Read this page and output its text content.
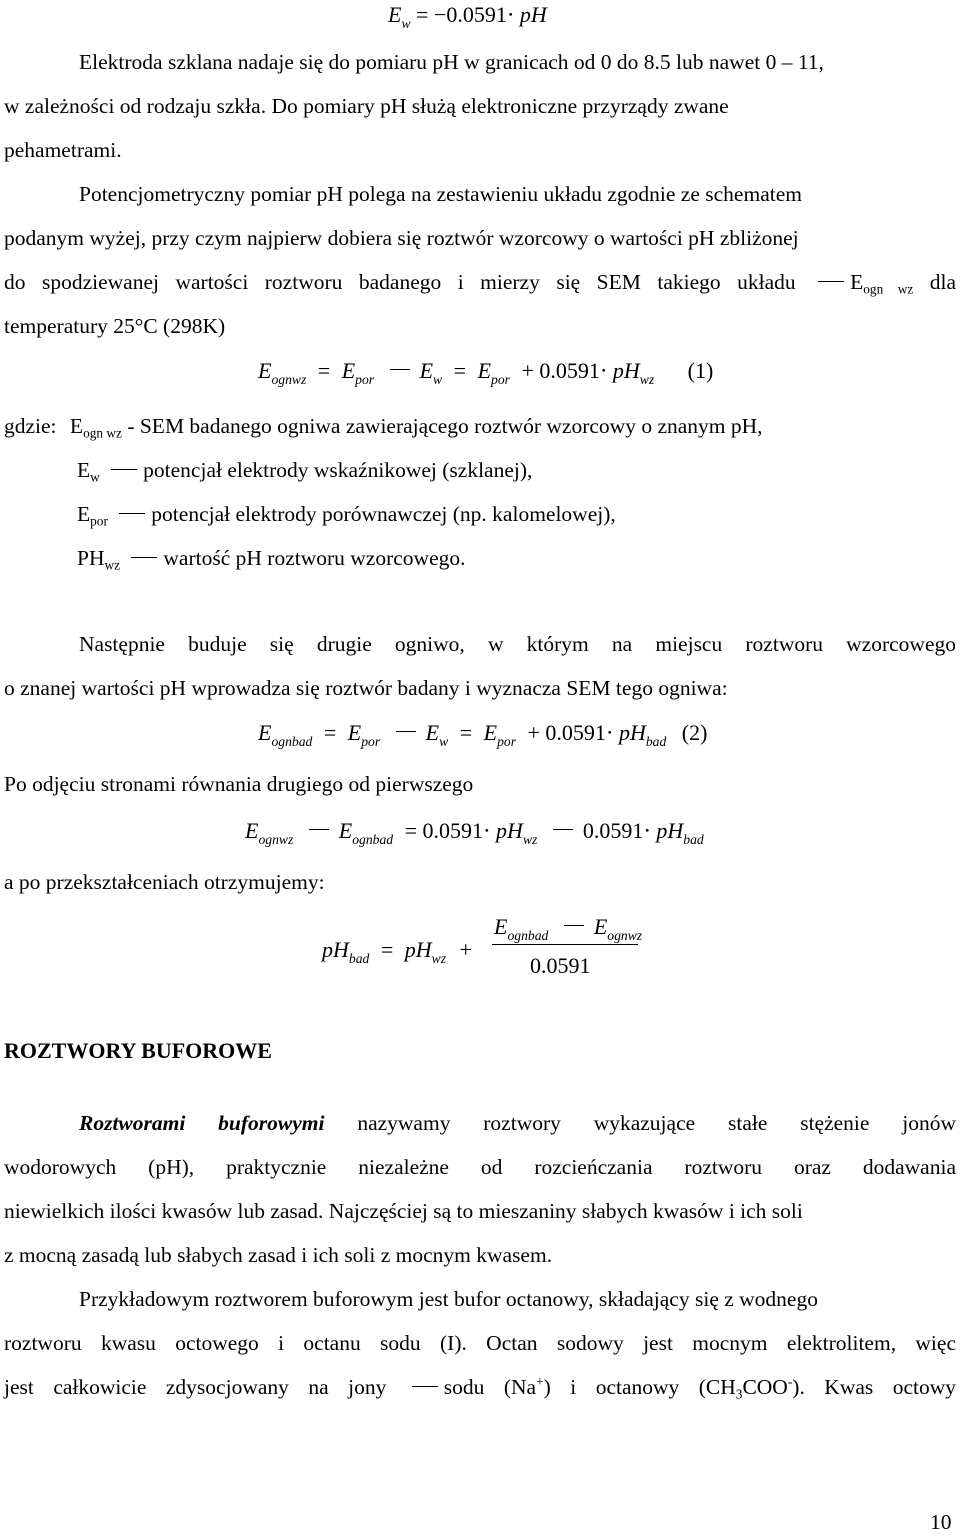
$E_w = -0.0591\cdot$ pH
Elektroda szklana nadaje się do pomiaru pH w granicach od 0 do 8.5 lub nawet 0 – 11,
w zależności od rodzaju szkła. Do pomiary pH służą elektroniczne przyrządy zwane
pehametrami.
Potencjometryczny pomiar pH polega na zestawieniu układu zgodnie ze schematem
podanym wyżej, przy czym najpierw dobiera się roztwór wzorcowy o wartości pH zbliżonej
do spodziewanej wartości roztworu badanego i mierzy się SEM takiego układu	$E_{ogn wz}$ dla
temperatury 25°C (298K)
$E_{ognwz} = E_{por}$ $E_w = E_{por} + 0.0591\cdot pH_{wz}$ (1)
gdzie: $E_{ogn wz}$ - SEM badanego ogniwa zawierającego roztwór wzorcowy o znanym pH,
$E_w$ potencjał elektrody wskaźnikowej (szklanej),
$E_{por}$ potencjał elektrody porównawczej (np. kalomelowej),
$PH_{wz}$ wartość pH roztworu wzorcowego.
Następnie buduje się drugie ogniwo, w którym na miejscu roztworu wzorcowego
o znanej wartości pH wprowadza się roztwór badany i wyznacza SEM tego ogniwa:
$E_{ognbad} = E_{por}$ $E_w = E_{por} + 0.0591\cdot pH_{bad}$ (2)
Po odjęciu stronami równania drugiego od pierwszego
$E_{ognwz}$ $E_{ognbad} = 0.0591\cdot pH_{wz}$ $0.0591\cdot pH_{bad}$
a po przekształceniach otrzymujemy:
$pH_{bad} = pH_{wz}$ +
$E_{ognbad}$ $E_{ognwz}$
0.0591
ROZTWORY BUFOROWE
Roztworami buforowymi nazywamy roztwory wykazujące stałe stężenie jonów
wodorowych (pH), praktycznie niezależne od rozcieńczania roztworu oraz dodawania
niewielkich ilości kwasów lub zasad. Najczęściej są to mieszaniny słabych kwasów i ich soli
z mocną zasadą lub słabych zasad i ich soli z mocnym kwasem.
Przykładowym roztworem buforowym jest bufor octanowy, składający się z wodnego
roztworu kwasu octowego i octanu sodu (I). Octan sodowy jest mocnym elektrolitem, więc
jest całkowicie zdysocjowany na jony	sodu (Na+) i octanowy $(CH_3COO^-)$. Kwas octowy
10
